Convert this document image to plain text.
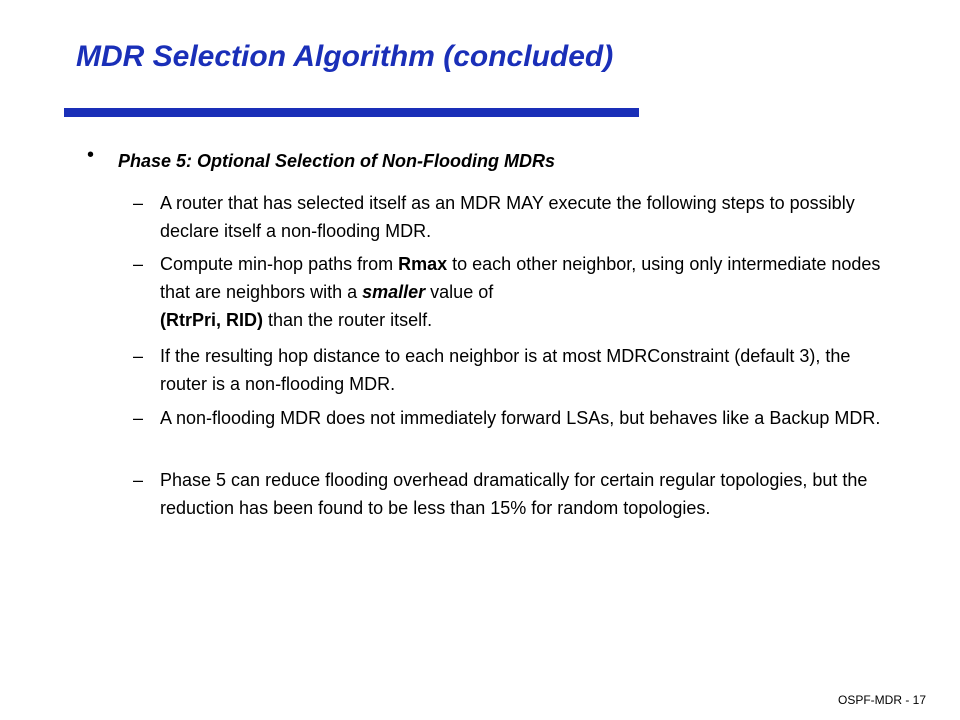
MDR Selection Algorithm (concluded)
• Phase 5: Optional Selection of Non-Flooding MDRs

– A router that has selected itself as an MDR MAY execute the following steps to possibly declare itself a non-flooding MDR.

– Compute min-hop paths from Rmax to each other neighbor, using only intermediate nodes that are neighbors with a smaller value of
(RtrPri, RID) than the router itself.

– If the resulting hop distance to each neighbor is at most MDRConstraint (default 3), the router is a non-flooding MDR.

– A non-flooding MDR does not immediately forward LSAs, but behaves like a Backup MDR.

– Phase 5 can reduce flooding overhead dramatically for certain regular topologies, but the reduction has been found to be less than 15% for random topologies.

OSPF-MDR - 17
